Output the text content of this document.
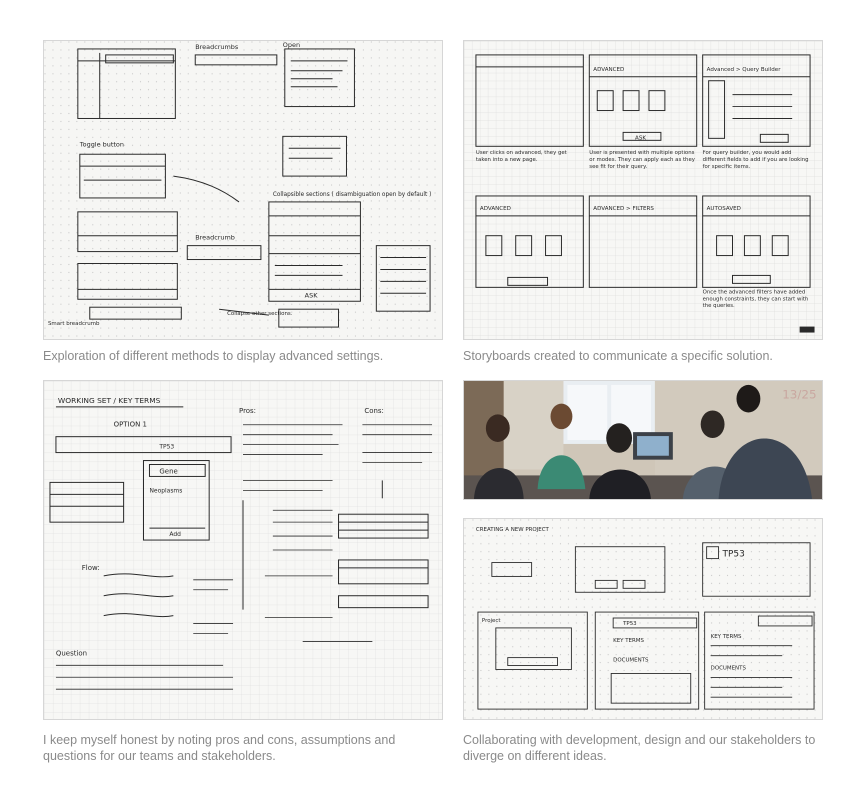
Breadcrumbs	Open
Toggle button
Collapsible sections ( disambiguation open by default )
Breadcrumb
Collapse other sections.
Smart breadcrumb
ASK
ADVANCED	Advanced > Query Builder
ASK
ADVANCED > FILTERS	AUTOSAVED
ADVANCED
User clicks on advanced, they get taken into a new page.
User is presented with multiple options or modes. They can apply each as they see fit for their query.
For query builder, you would add different fields to add if you are looking for specific items.
Once the advanced filters have added enough constraints, they can start with the queries.
Exploration of different methods to display advanced settings.	Storyboards created to communicate a specific solution.
WORKING SET / KEY TERMS
OPTION 1
Pros:	Cons:
Gene
Neoplasms
Add
Flow:
Question
TP53
13/25
CREATING A NEW PROJECT
TP53
Project	TP53
KEY TERMS
DOCUMENTS
KEY TERMS
DOCUMENTS
I keep myself honest by noting pros and cons, assumptions and
questions for our teams and stakeholders.
Collaborating with development, design and our stakeholders to
diverge on different ideas.
